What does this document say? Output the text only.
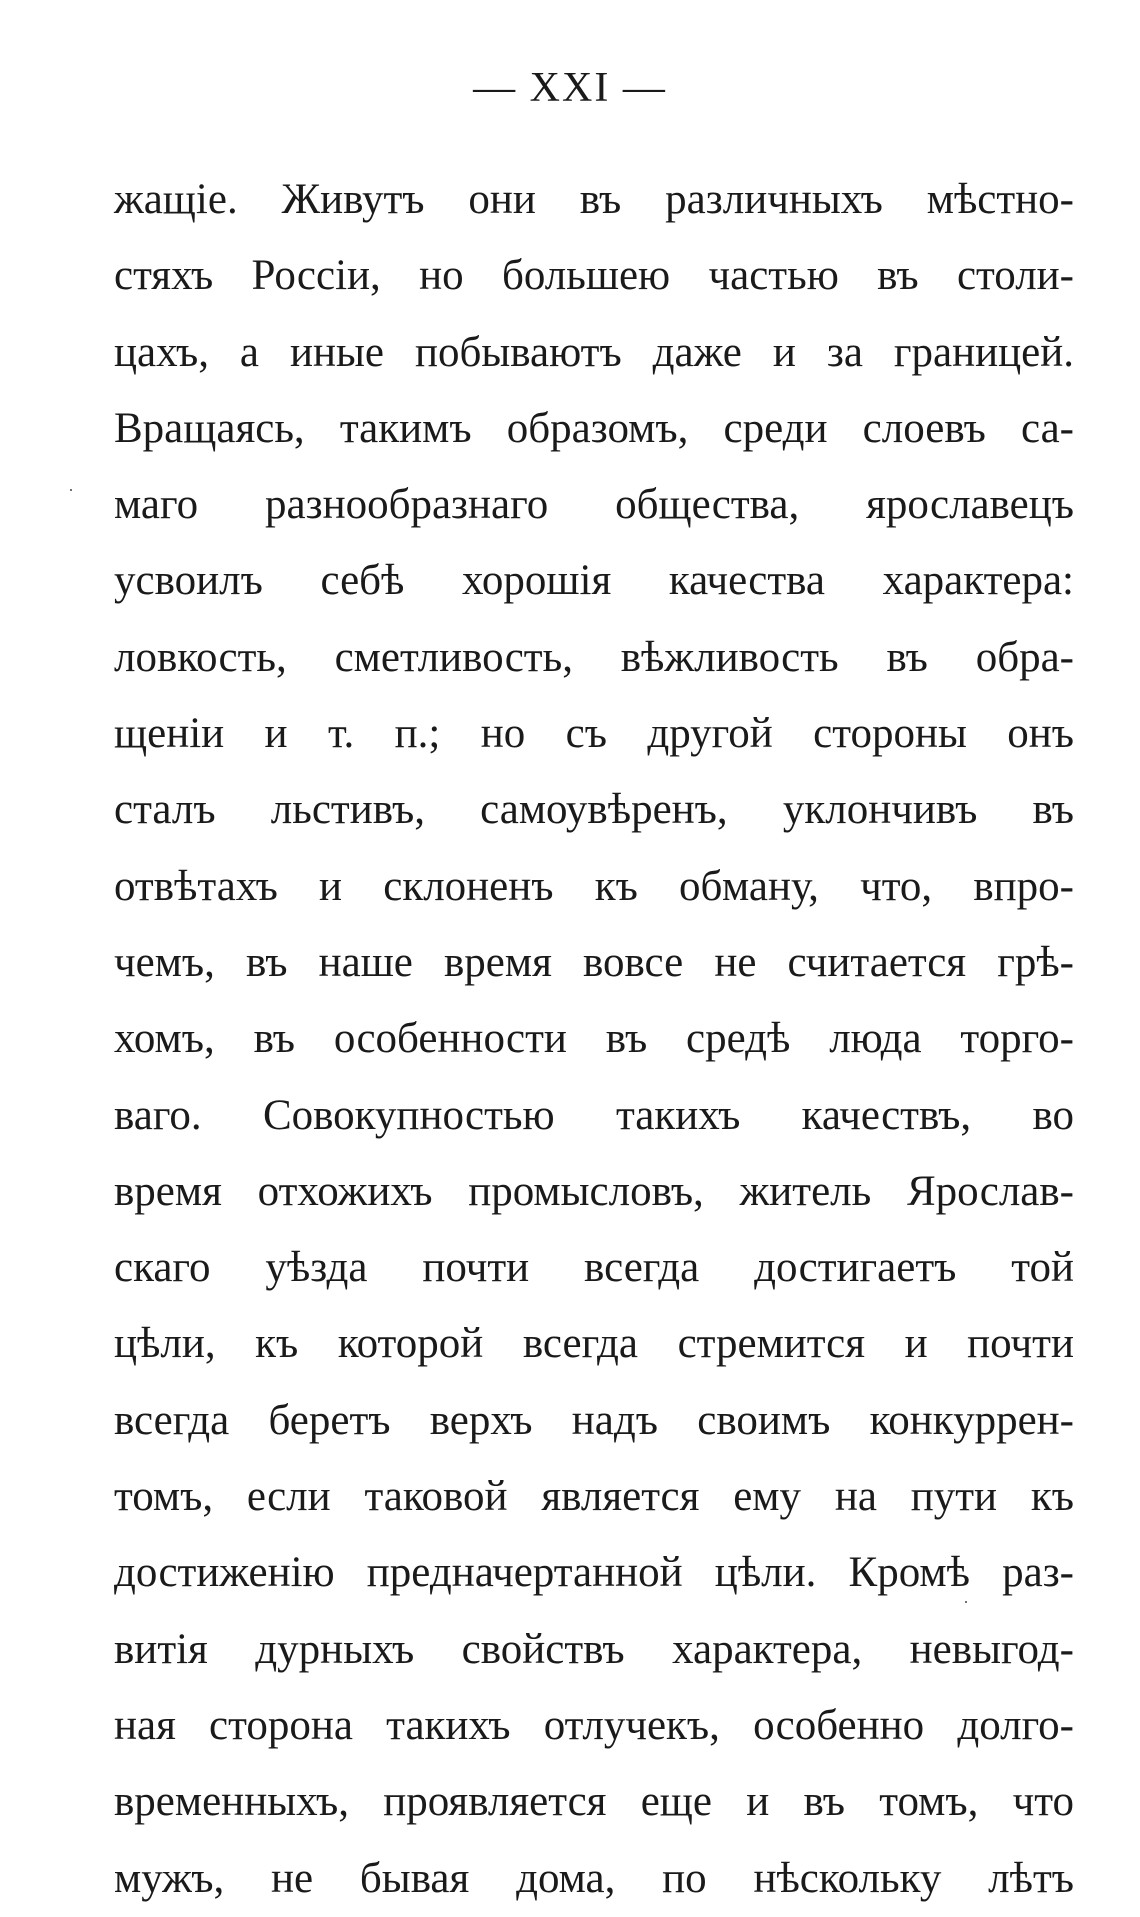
— XXI —
жащіе. Живутъ они въ различныхъ мѣстно-
стяхъ Россіи, но большею частью въ столи-
цахъ, а иные побываютъ даже и за границей.
Вращаясь, такимъ образомъ, среди слоевъ са-
маго разнообразнаго общества, ярославецъ
усвоилъ себѣ хорошія качества характера:
ловкость, сметливость, вѣжливость въ обра-
щеніи и т. п.; но съ другой стороны онъ
сталъ льстивъ, самоувѣренъ, уклончивъ въ
отвѣтахъ и склоненъ къ обману, что, впро-
чемъ, въ наше время вовсе не считается грѣ-
хомъ, въ особенности въ средѣ люда торго-
ваго. Совокупностью такихъ качествъ, во
время отхожихъ промысловъ, житель Ярослав-
скаго уѣзда почти всегда достигаетъ той
цѣли, къ которой всегда стремится и почти
всегда беретъ верхъ надъ своимъ конкуррен-
томъ, если таковой является ему на пути къ
достиженію предначертанной цѣли. Кромѣ раз-
витія дурныхъ свойствъ характера, невыгод-
ная сторона такихъ отлучекъ, особенно долго-
временныхъ, проявляется еще и въ томъ, что
мужъ, не бывая дома, по нѣскольку лѣтъ
